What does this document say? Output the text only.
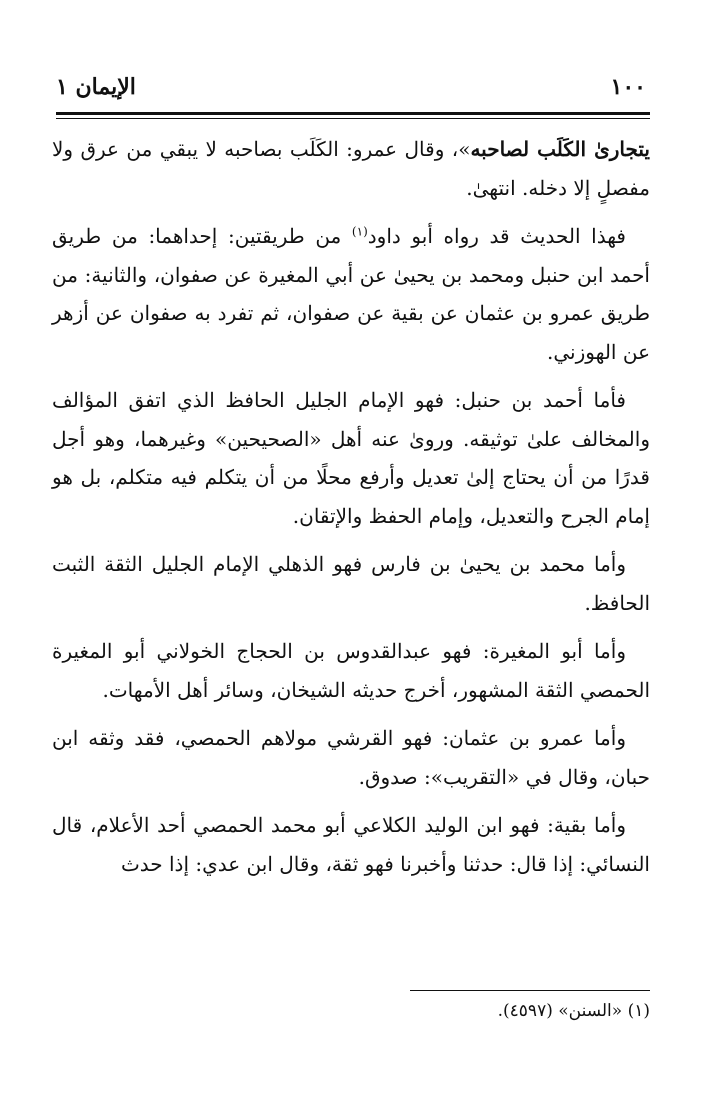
١٠٠
الإيمان ١

يتجارىٰ الكَلَب لصاحبه»، وقال عمرو: الكَلَب بصاحبه لا يبقي من عرق ولا مفصلٍ إلا دخله. انتهىٰ.

فهذا الحديث قد رواه أبو داود$^{(١)}$ من طريقتين: إحداهما: من طريق أحمد ابن حنبل ومحمد بن يحيىٰ عن أبي المغيرة عن صفوان، والثانية: من طريق عمرو بن عثمان عن بقية عن صفوان، ثم تفرد به صفوان عن أزهر عن الهوزني.

فأما أحمد بن حنبل: فهو الإمام الجليل الحافظ الذي اتفق المؤالف والمخالف علىٰ توثيقه. وروىٰ عنه أهل «الصحيحين» وغيرهما، وهو أجل قدرًا من أن يحتاج إلىٰ تعديل وأرفع محلًا من أن يتكلم فيه متكلم، بل هو إمام الجرح والتعديل، وإمام الحفظ والإتقان.

وأما محمد بن يحيىٰ بن فارس فهو الذهلي الإمام الجليل الثقة الثبت الحافظ.

وأما أبو المغيرة: فهو عبدالقدوس بن الحجاج الخولاني أبو المغيرة الحمصي الثقة المشهور، أخرج حديثه الشيخان، وسائر أهل الأمهات.

وأما عمرو بن عثمان: فهو القرشي مولاهم الحمصي، فقد وثقه ابن حبان، وقال في «التقريب»: صدوق.

وأما بقية: فهو ابن الوليد الكلاعي أبو محمد الحمصي أحد الأعلام، قال النسائي: إذا قال: حدثنا وأخبرنا فهو ثقة، وقال ابن عدي: إذا حدث

(١) «السنن» (٤٥٩٧).
